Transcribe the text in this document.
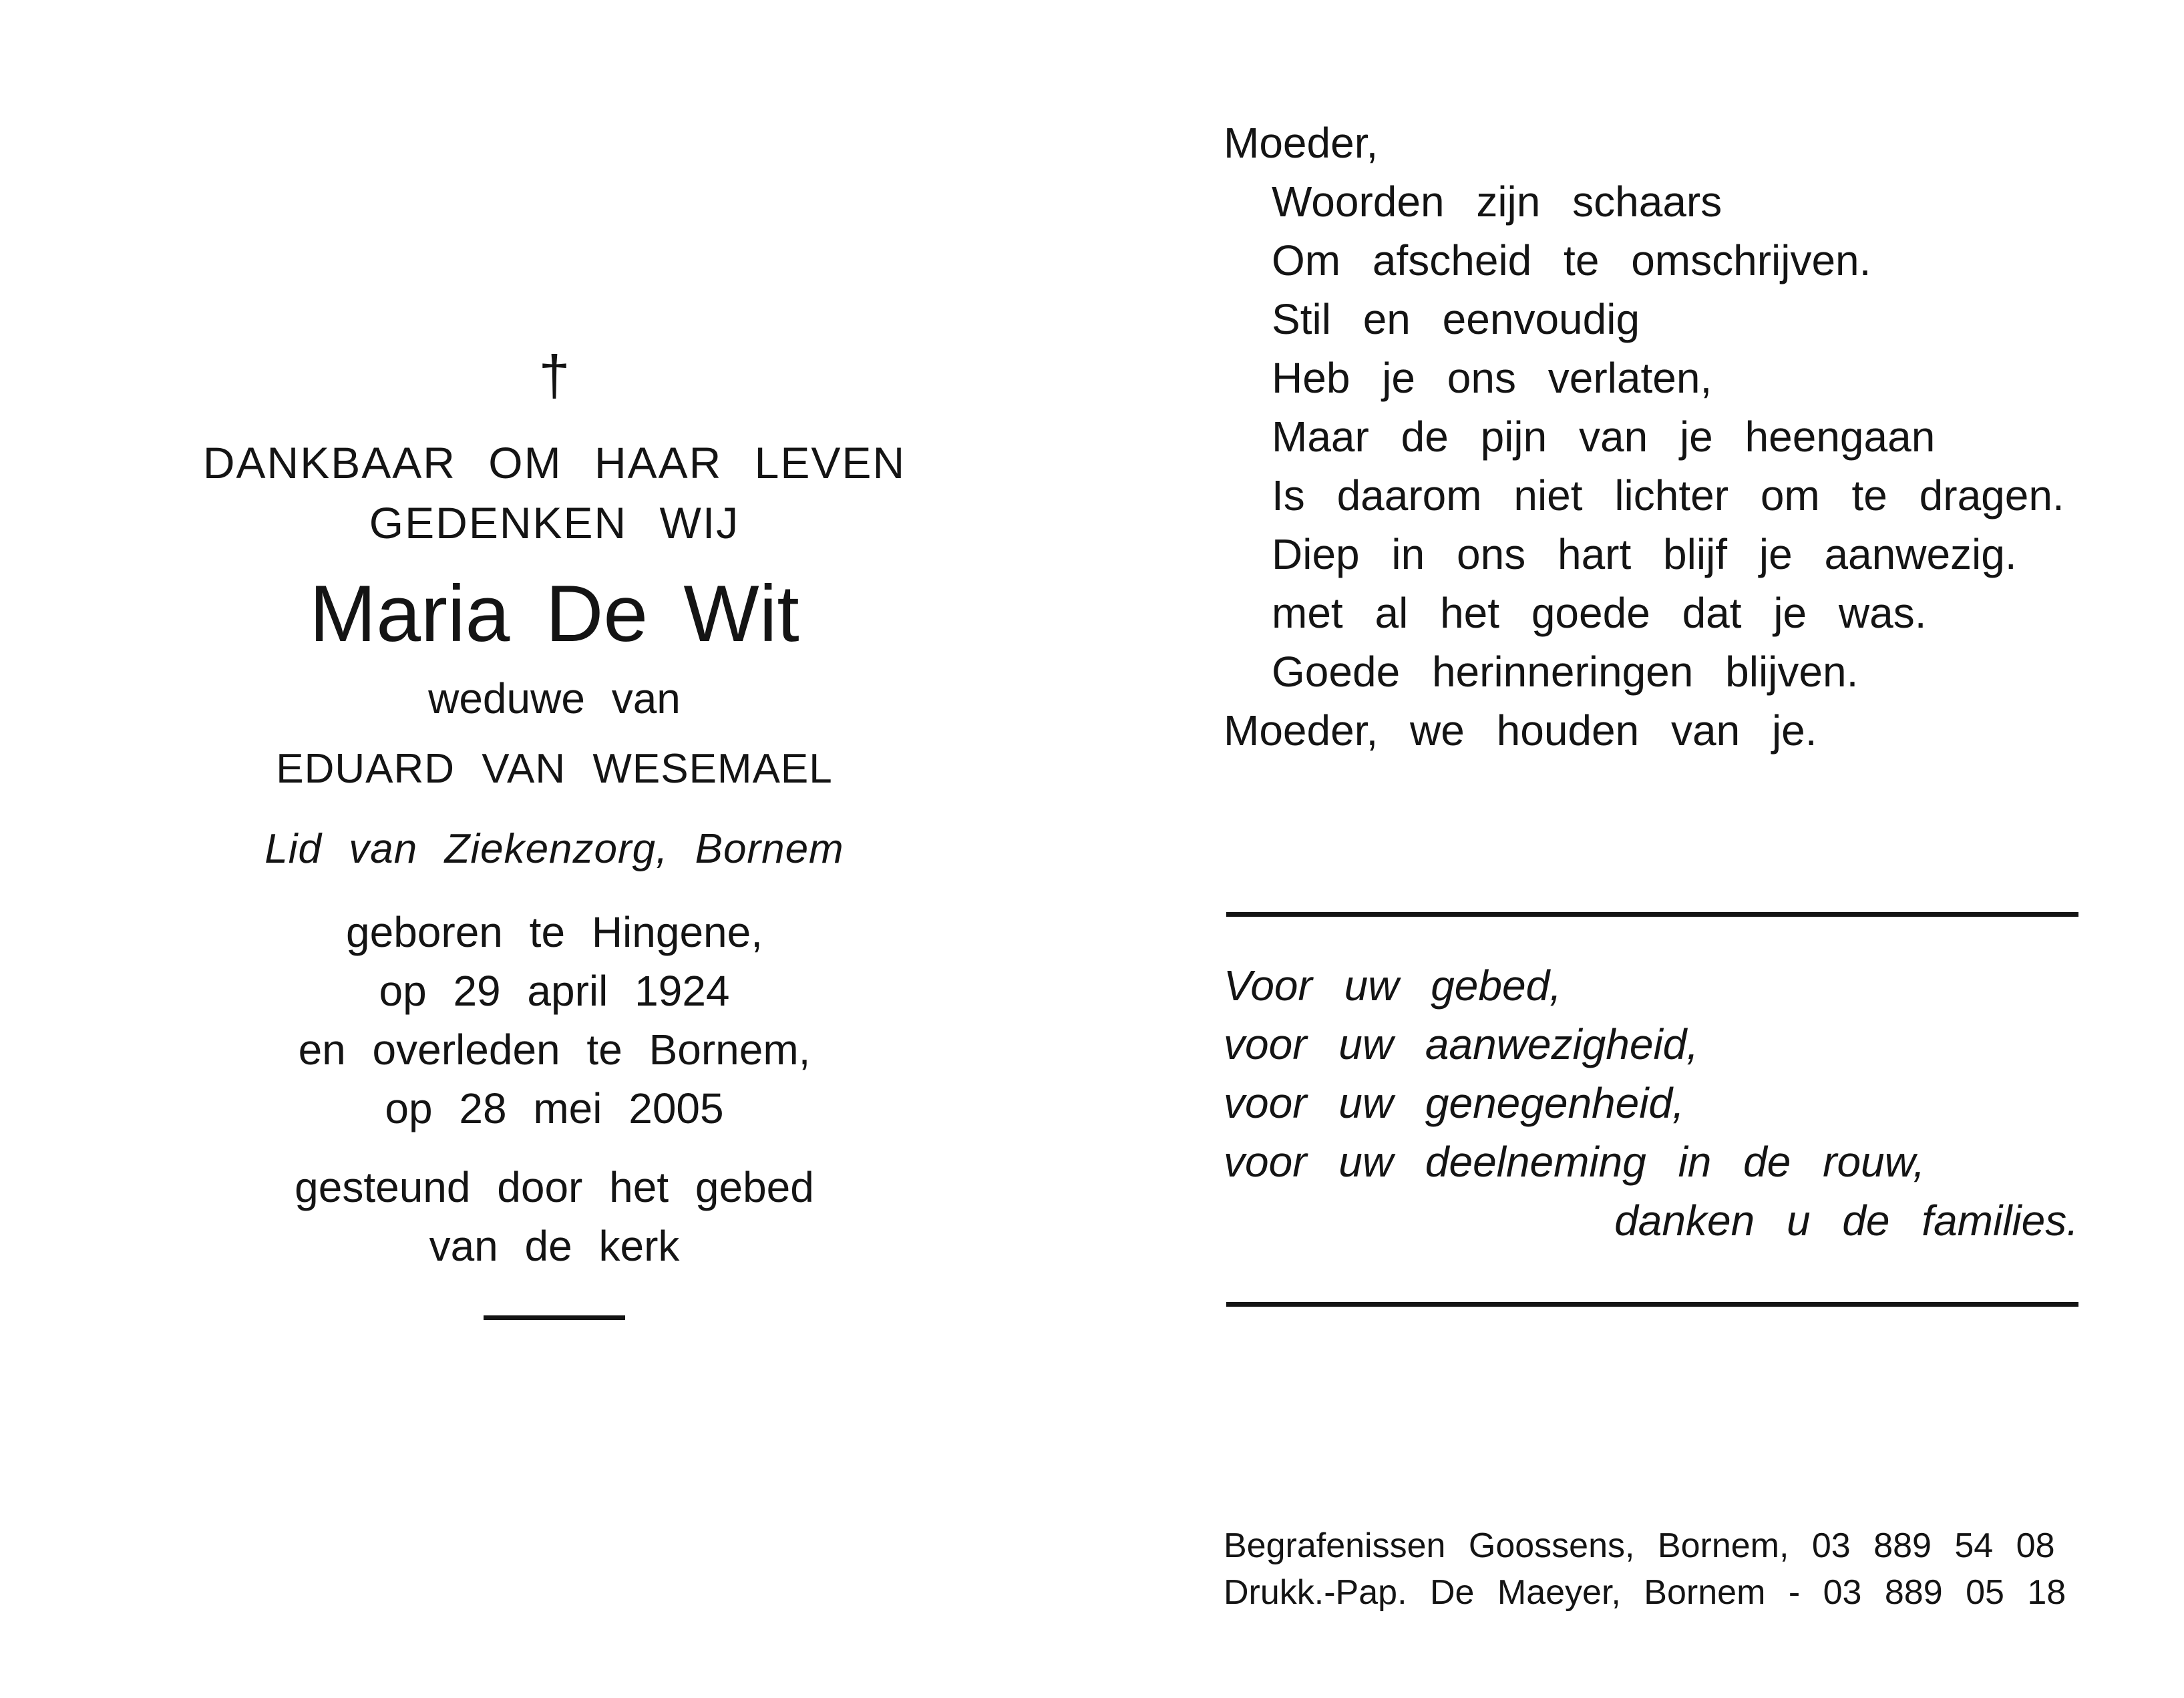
†
DANKBAAR OM HAAR LEVEN
GEDENKEN WIJ
Maria De Wit
weduwe van
EDUARD VAN WESEMAEL
Lid van Ziekenzorg, Bornem
geboren te Hingene,
op 29 april 1924
en overleden te Bornem,
op 28 mei 2005
gesteund door het gebed
van de kerk
Moeder,
Woorden zijn schaars
Om afscheid te omschrijven.
Stil en eenvoudig
Heb je ons verlaten,
Maar de pijn van je heengaan
Is daarom niet lichter om te dragen.
Diep in ons hart blijf je aanwezig.
met al het goede dat je was.
Goede herinneringen blijven.
Moeder, we houden van je.
Voor uw gebed,
voor uw aanwezigheid,
voor uw genegenheid,
voor uw deelneming in de rouw,
danken u de families.
Begrafenissen Goossens, Bornem, 03 889 54 08
Drukk.-Pap. De Maeyer, Bornem - 03 889 05 18
